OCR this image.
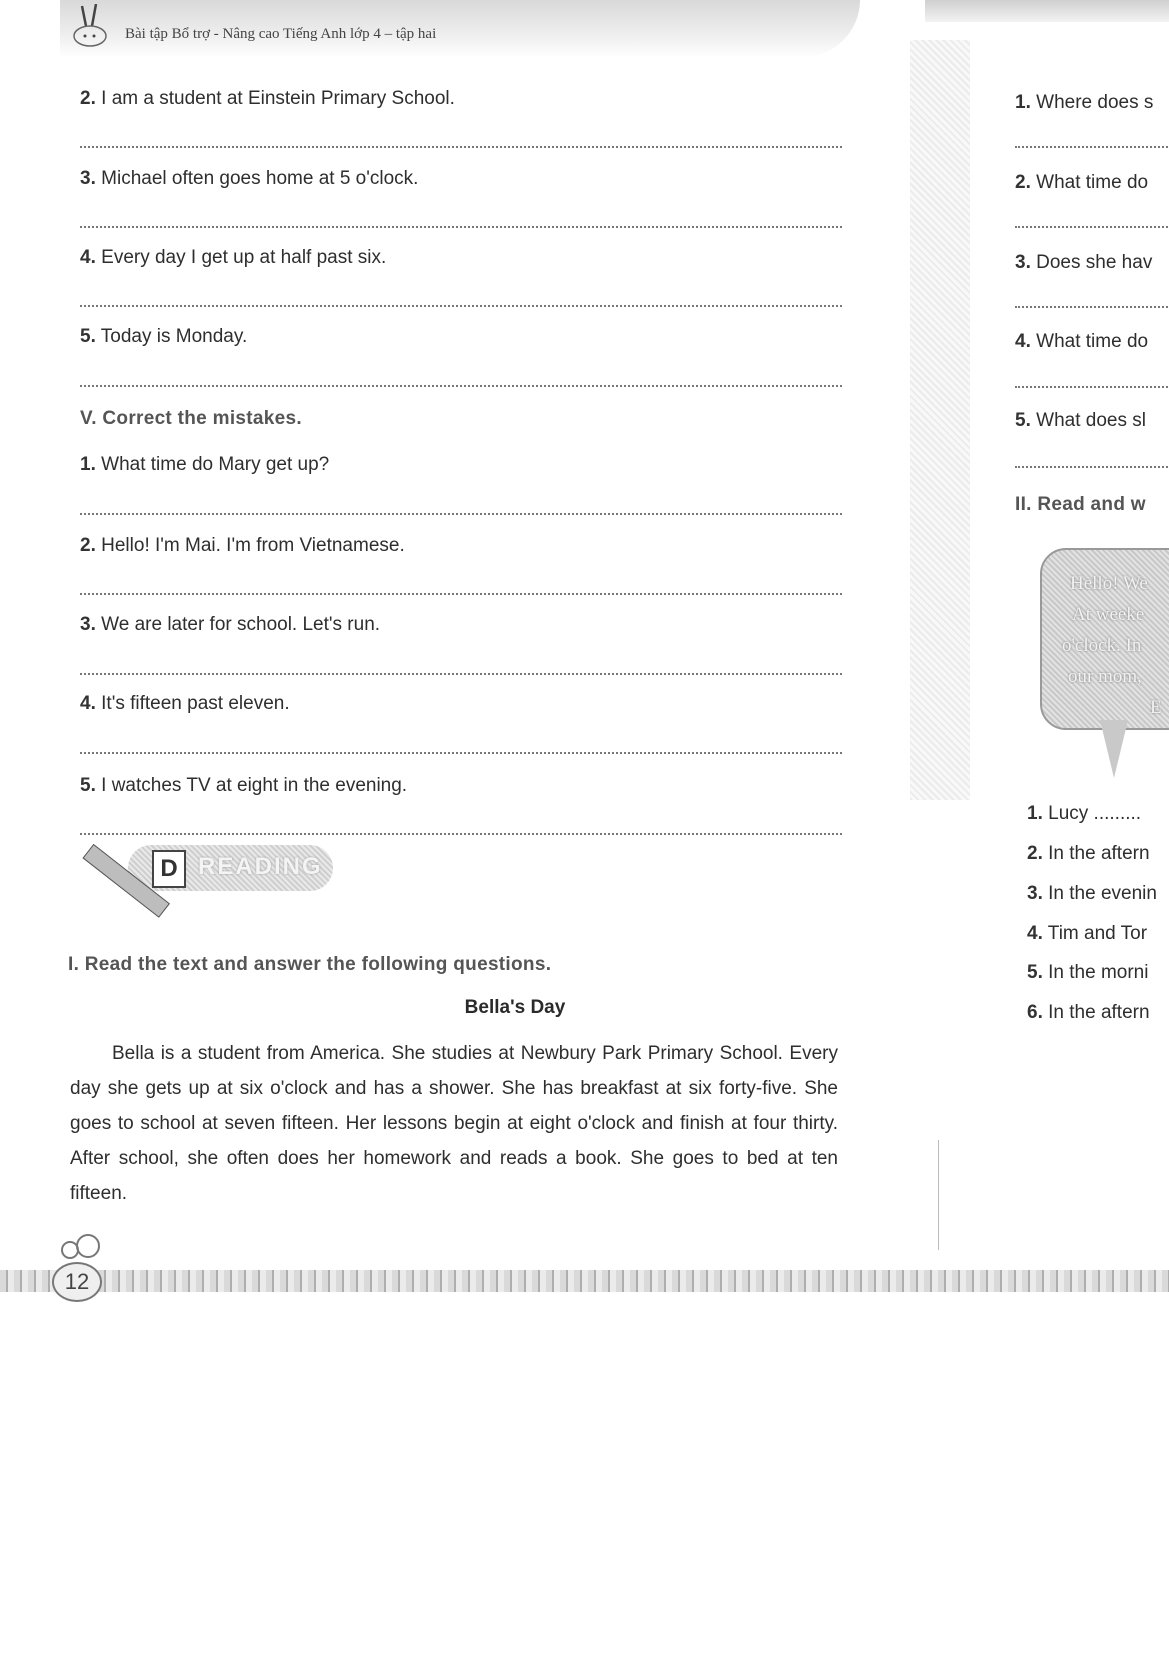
Bài tập Bổ trợ - Nâng cao Tiếng Anh lớp 4 – tập hai
2. I am a student at Einstein Primary School.
3. Michael often goes home at 5 o'clock.
4. Every day I get up at half past six.
5. Today is Monday.
V. Correct the mistakes.
1. What time do Mary get up?
2. Hello! I'm Mai. I'm from Vietnamese.
3. We are later for school. Let's run.
4. It's fifteen past eleven.
5. I watches TV at eight in the evening.
D READING
I. Read the text and answer the following questions.
Bella's Day

Bella is a student from America. She studies at Newbury Park Primary School. Every day she gets up at six o'clock and has a shower. She has breakfast at six forty-five. She goes to school at seven fifteen. Her lessons begin at eight o'clock and finish at four thirty. After school, she often does her homework and reads a book. She goes to bed at ten fifteen.

1. Where does s
2. What time do
3. Does she hav
4. What time do
5. What does sl
II. Read and w
Hello! We
At weeke
o'clock. In
our mom,
E
1. Lucy .........
2. In the aftern
3. In the evenin
4. Tim and Tor
5. In the morni
6. In the aftern
12
